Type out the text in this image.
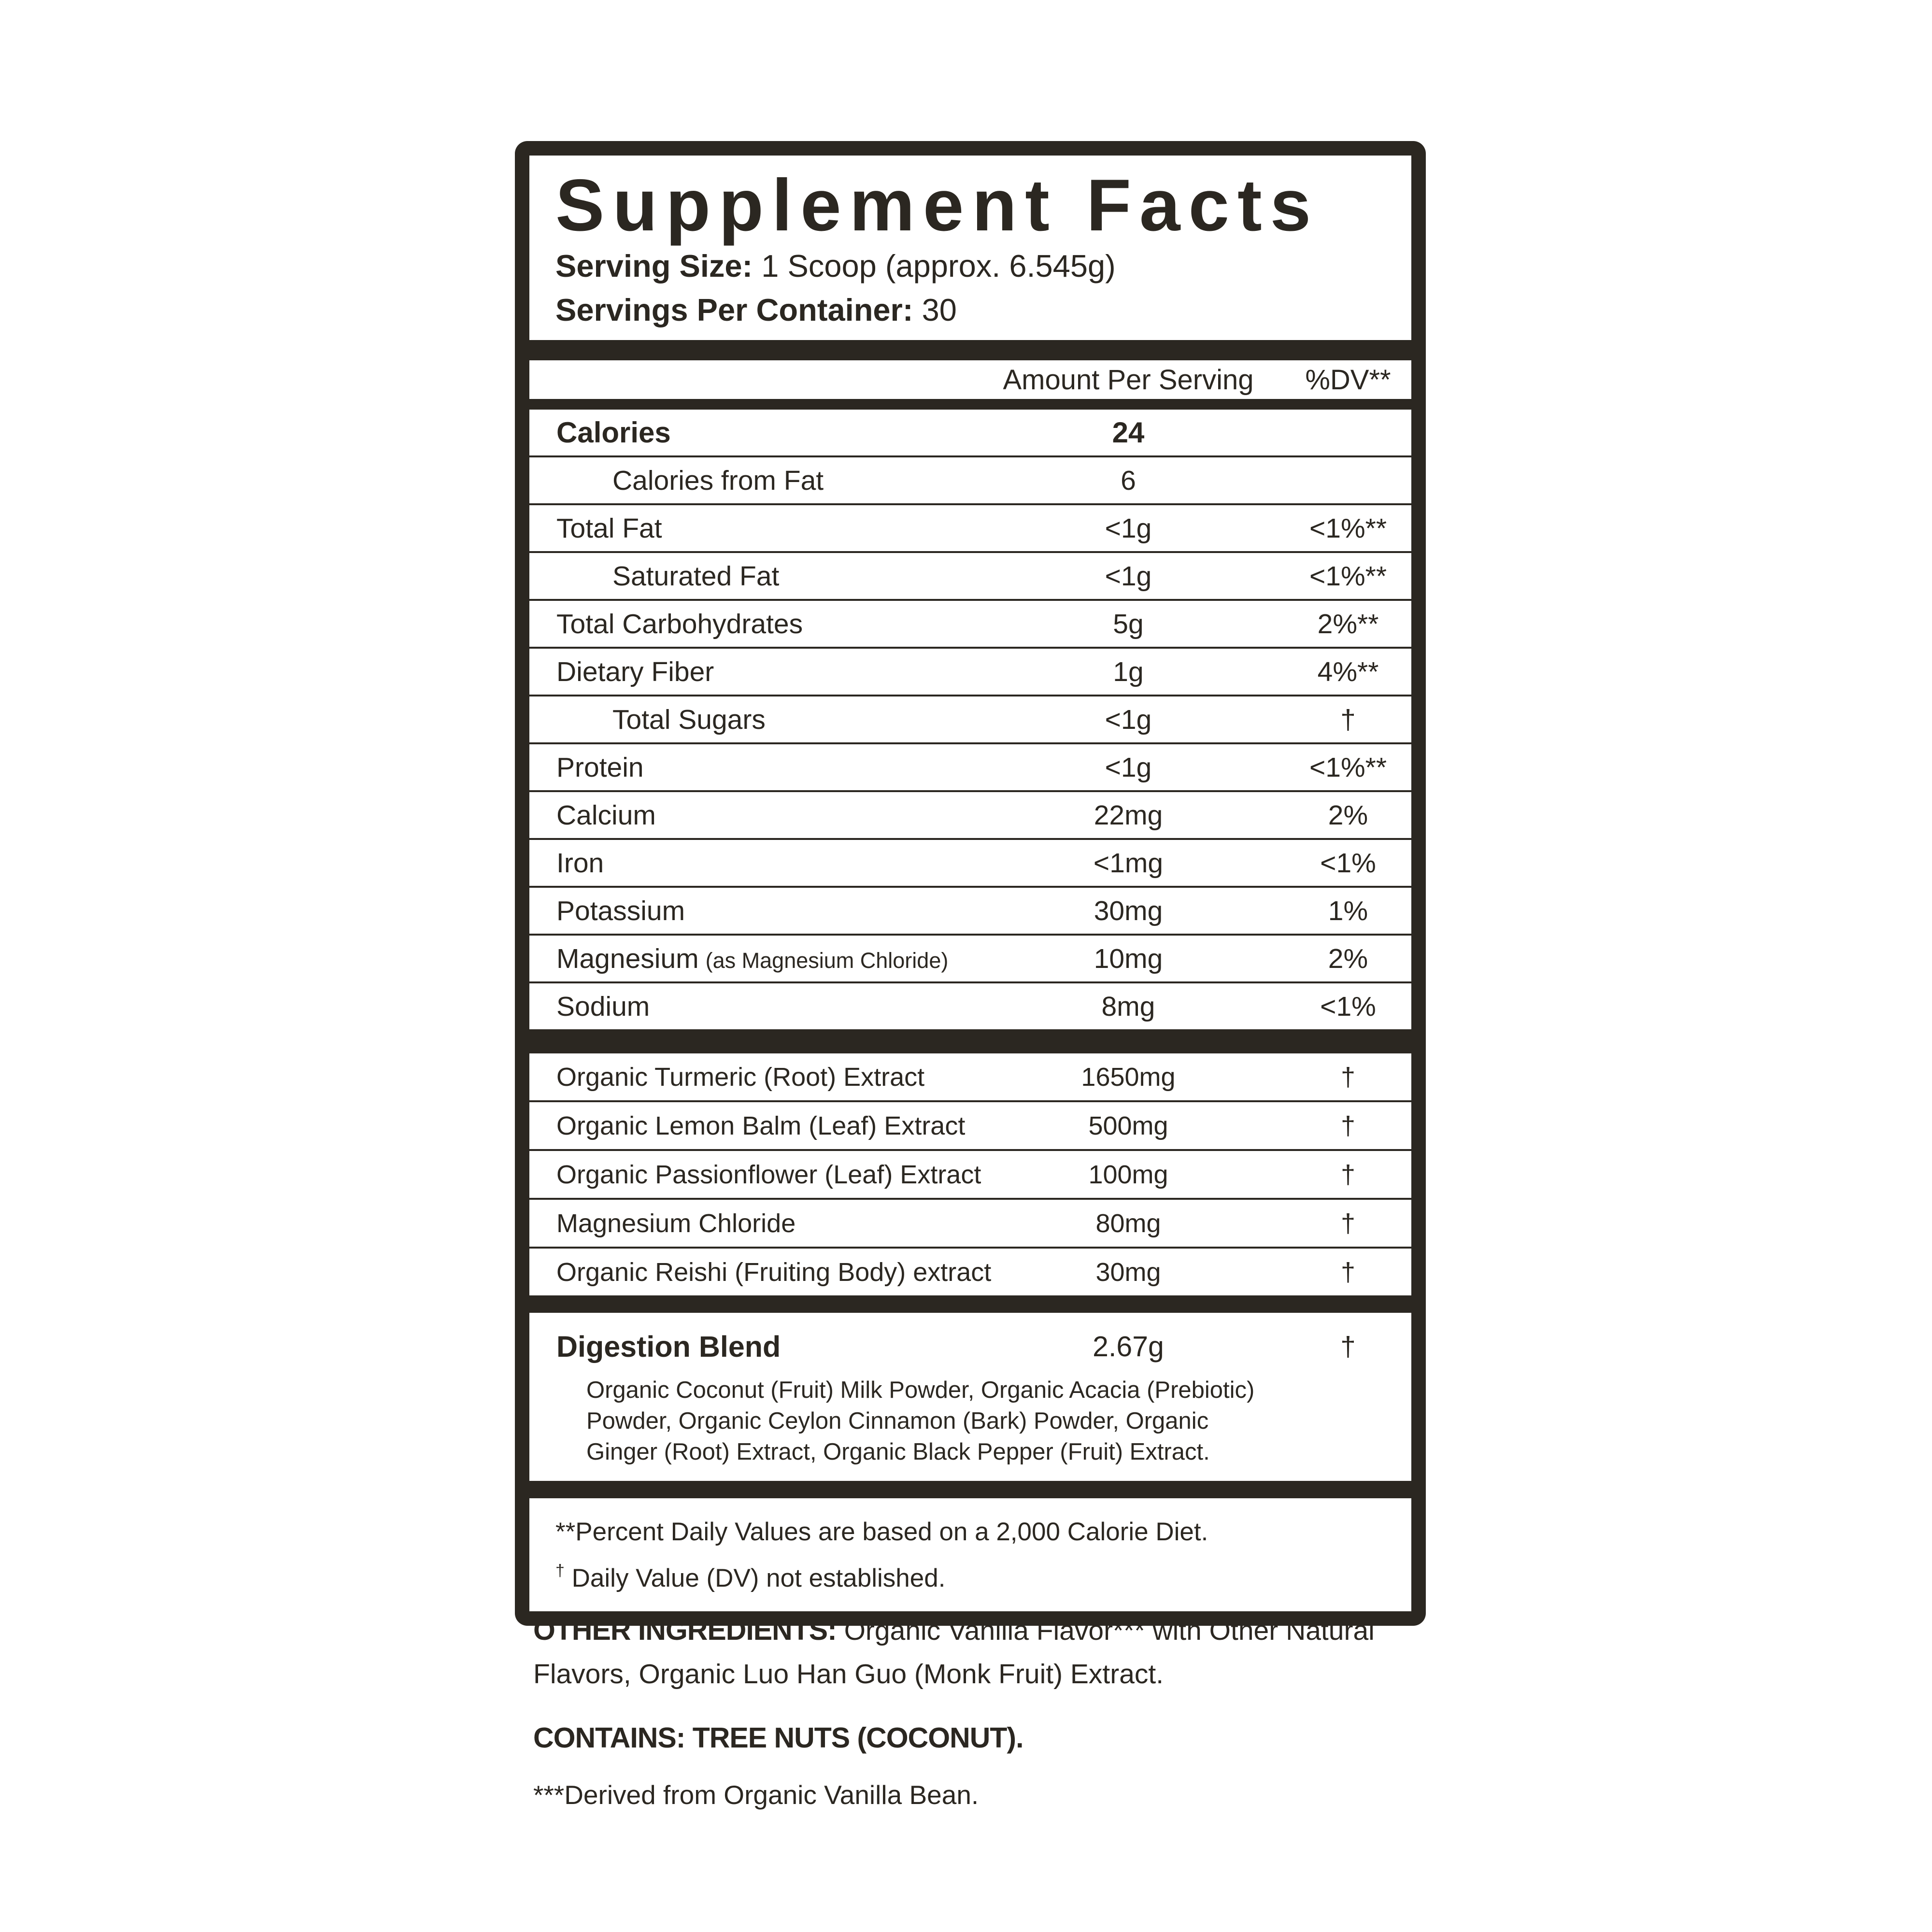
Supplement Facts
Serving Size: 1 Scoop (approx. 6.545g)
Servings Per Container: 30
Amount Per Serving	%DV**
Calories	24
Calories from Fat	6
Total Fat	<1g	<1%**
Saturated Fat	<1g	<1%**
Total Carbohydrates	5g	2%**
Dietary Fiber	1g	4%**
Total Sugars	<1g	†
Protein	<1g	<1%**
Calcium	22mg	2%
Iron	<1mg	<1%
Potassium	30mg	1%
Magnesium (as Magnesium Chloride)	10mg	2%
Sodium	8mg	<1%
Organic Turmeric (Root) Extract	1650mg	†
Organic Lemon Balm (Leaf) Extract	500mg	†
Organic Passionflower (Leaf) Extract	100mg	†
Magnesium Chloride	80mg	†
Organic Reishi (Fruiting Body) extract	30mg	†
Digestion Blend	2.67g	†
Organic Coconut (Fruit) Milk Powder, Organic Acacia (Prebiotic)
Powder, Organic Ceylon Cinnamon (Bark) Powder, Organic
Ginger (Root) Extract, Organic Black Pepper (Fruit) Extract.
**Percent Daily Values are based on a 2,000 Calorie Diet.
† Daily Value (DV) not established.
OTHER INGREDIENTS: Organic Vanilla Flavor*** with Other Natural Flavors, Organic Luo Han Guo (Monk Fruit) Extract.
CONTAINS: TREE NUTS (COCONUT).
***Derived from Organic Vanilla Bean.
